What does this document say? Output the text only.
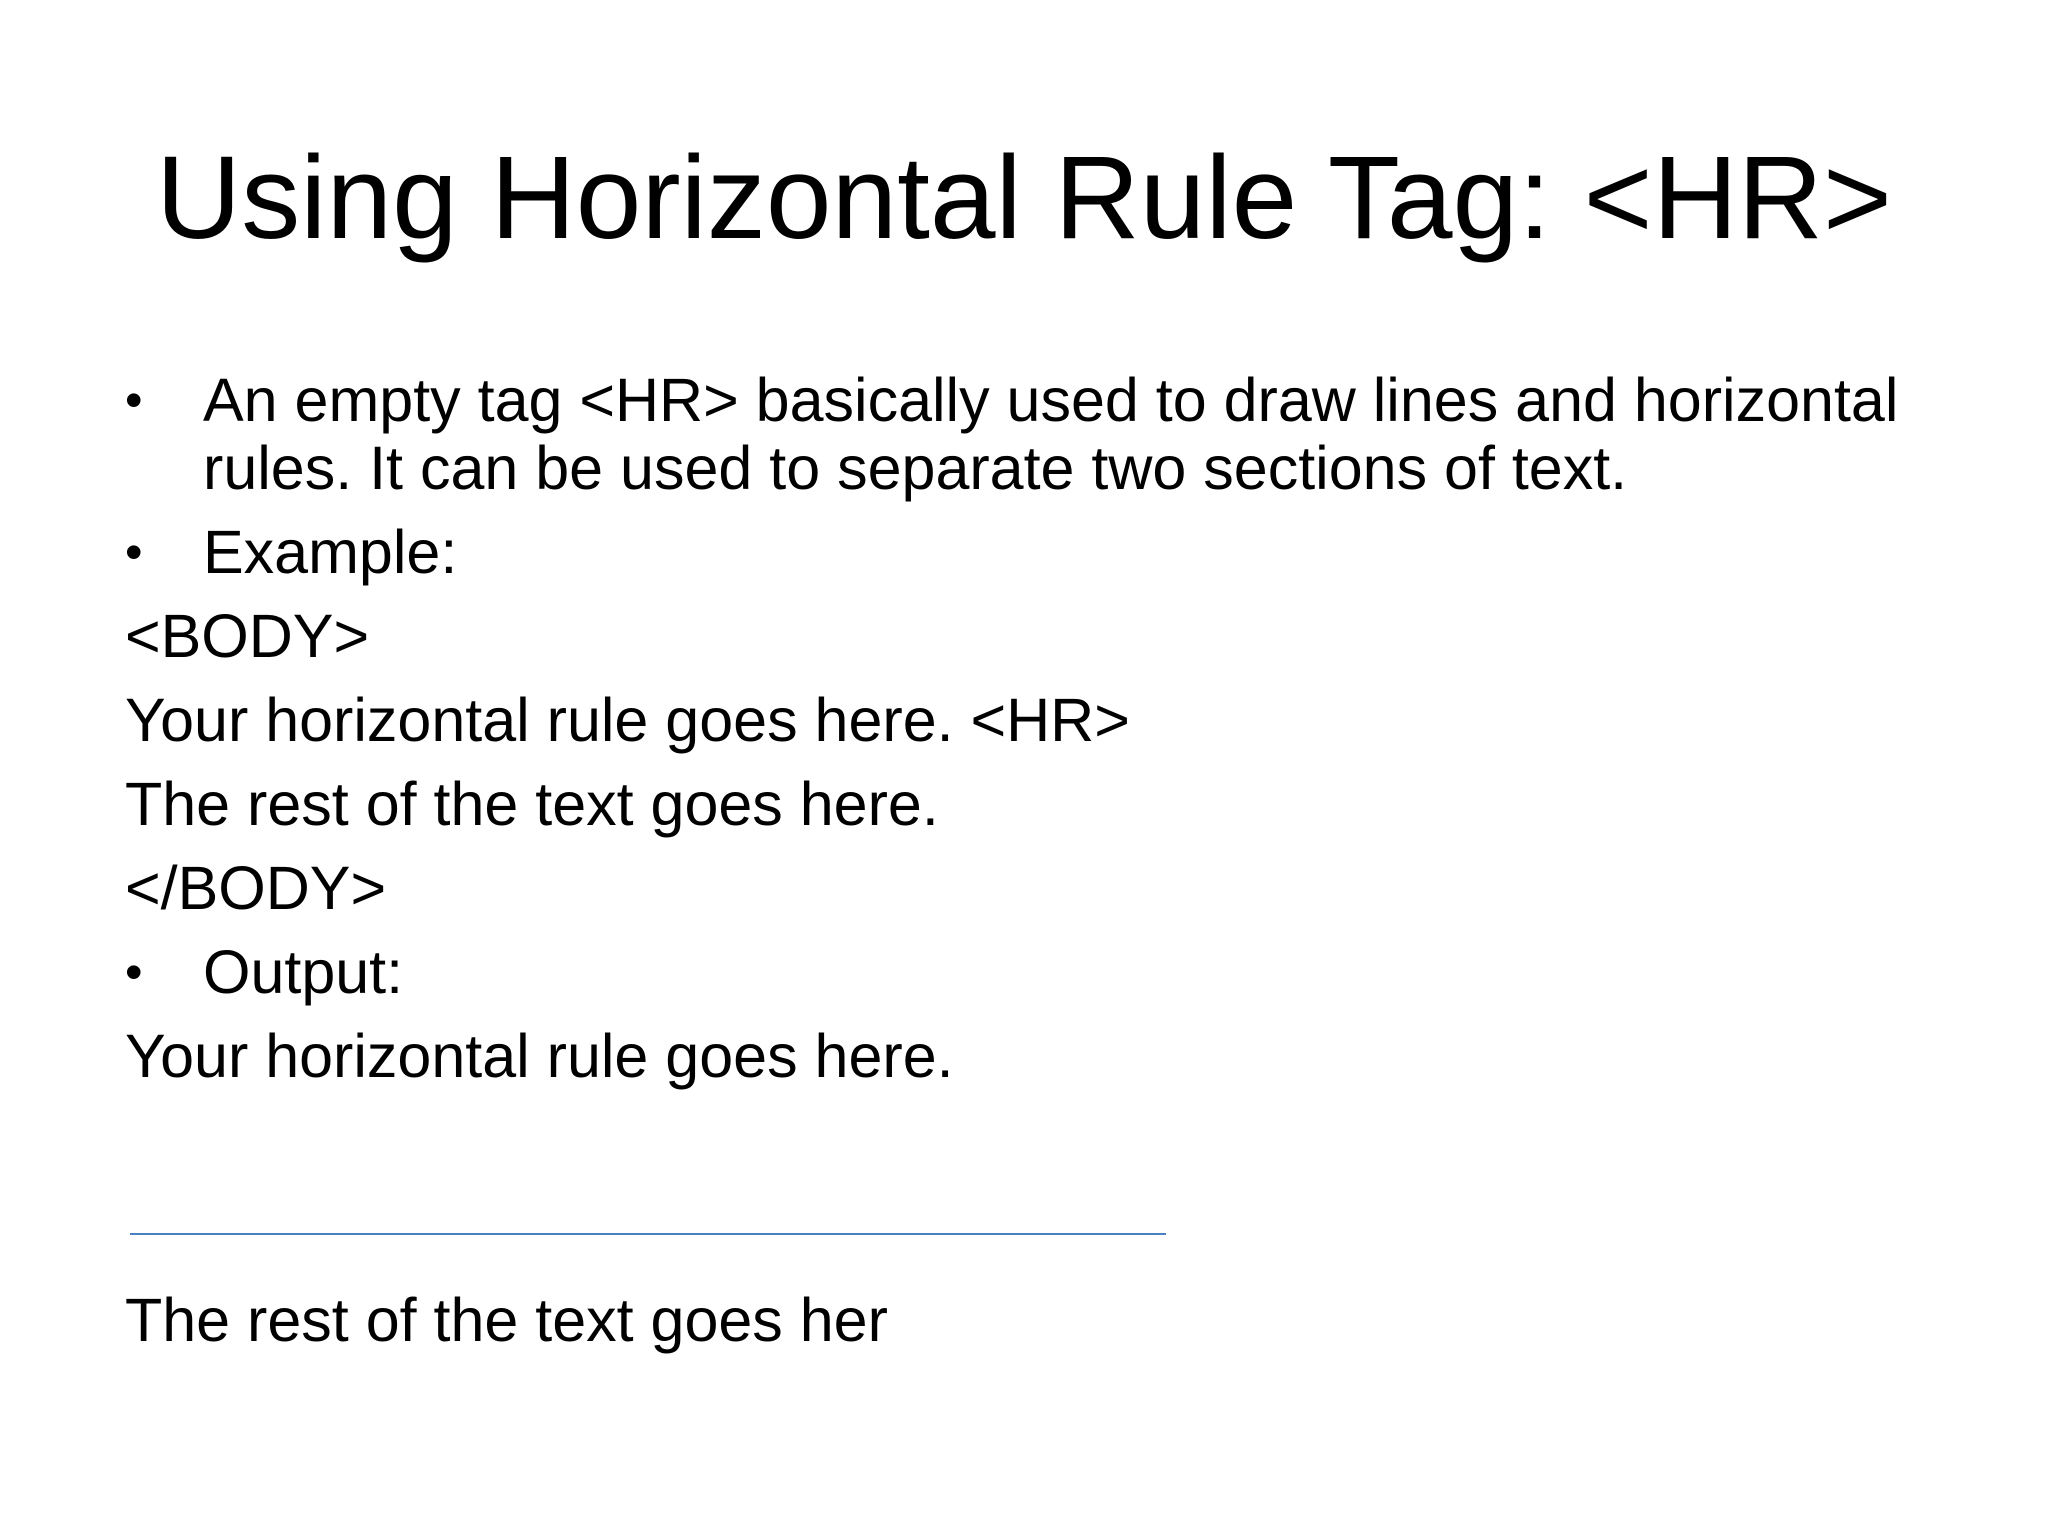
Using Horizontal Rule Tag: <HR>
• An empty tag <HR> basically used to draw lines and horizontal rules. It can be used to separate two sections of text.
• Example:
<BODY>
Your horizontal rule goes here. <HR>
The rest of the text goes here.
</BODY>
• Output:
Your horizontal rule goes here.
The rest of the text goes her
